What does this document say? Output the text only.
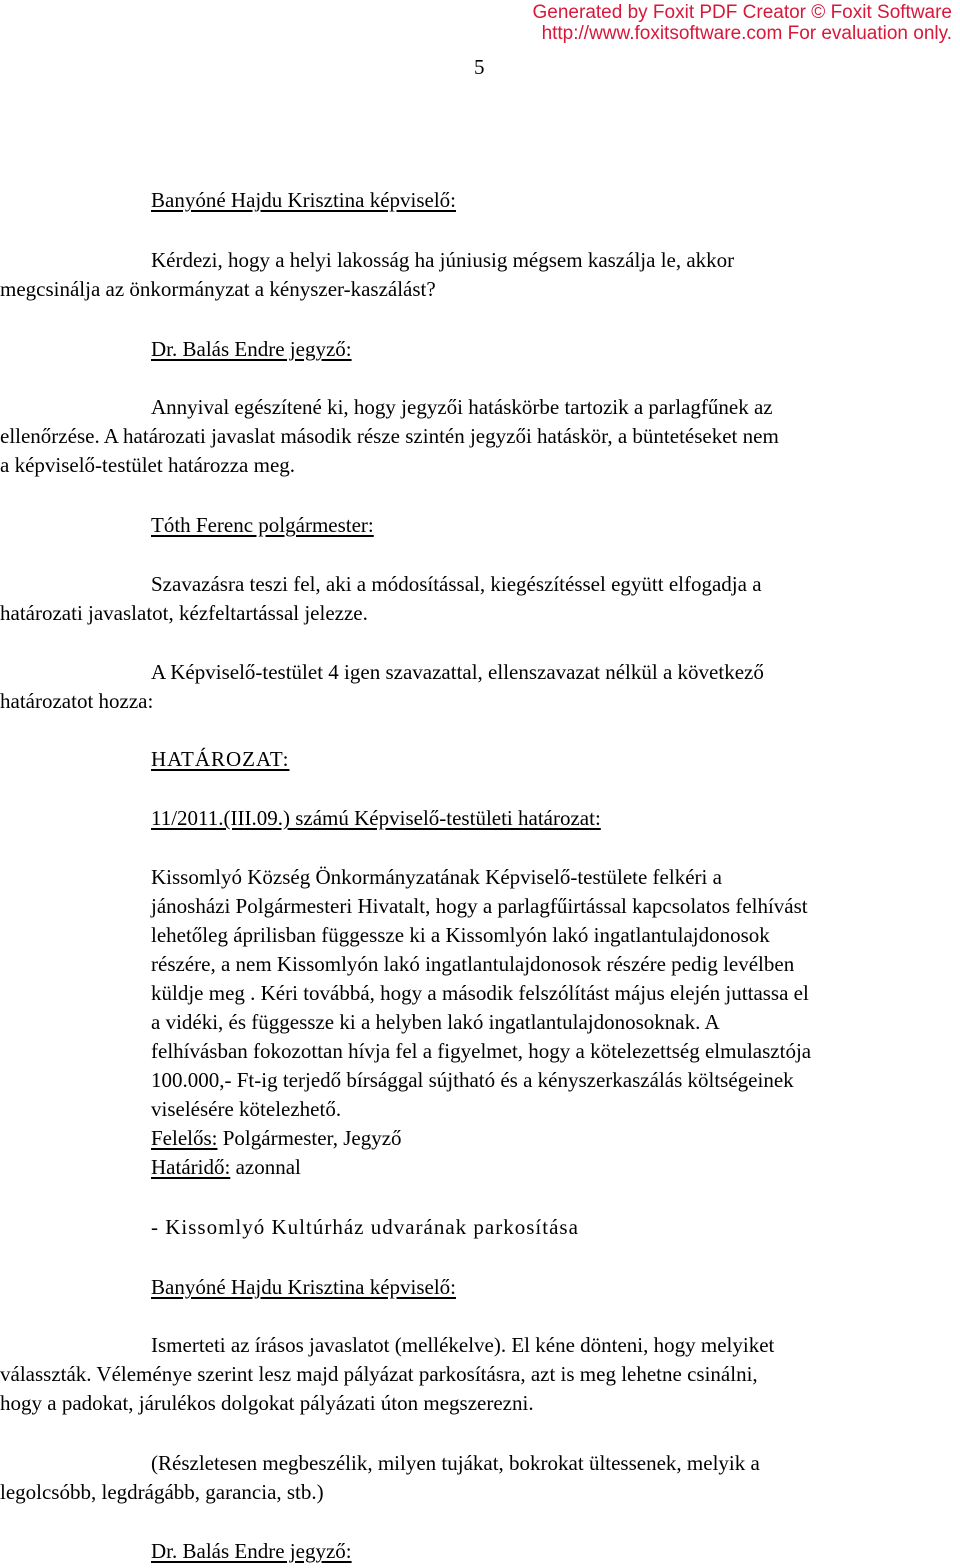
Generated by Foxit PDF Creator © Foxit Software
http://www.foxitsoftware.com For evaluation only.
5
Banyóné Hajdu Krisztina képviselő:
Kérdezi, hogy a helyi lakosság ha júniusig mégsem kaszálja le, akkor
megcsinálja az önkormányzat a kényszer-kaszálást?
Dr. Balás Endre jegyző:
Annyival egészítené ki, hogy jegyzői hatáskörbe tartozik a parlagfűnek az
ellenőrzése. A határozati javaslat második része szintén jegyzői hatáskör, a büntetéseket nem
a képviselő-testület határozza meg.
Tóth Ferenc polgármester:
Szavazásra teszi fel, aki a módosítással, kiegészítéssel együtt elfogadja a
határozati javaslatot, kézfeltartással jelezze.
A Képviselő-testület 4 igen szavazattal, ellenszavazat nélkül a következő
határozatot hozza:
HATÁROZAT:
11/2011.(III.09.) számú Képviselő-testületi határozat:
Kissomlyó Község Önkormányzatának Képviselő-testülete felkéri a
jánosházi Polgármesteri Hivatalt, hogy a parlagfűirtással kapcsolatos felhívást
lehetőleg áprilisban függessze ki a Kissomlyón lakó ingatlantulajdonosok
részére, a nem Kissomlyón lakó ingatlantulajdonosok részére pedig levélben
küldje meg . Kéri továbbá, hogy a második felszólítást május elején juttassa el
a vidéki, és függessze ki a helyben lakó ingatlantulajdonosoknak. A
felhívásban fokozottan hívja fel a figyelmet, hogy a kötelezettség elmulasztója
100.000,- Ft-ig terjedő bírsággal sújtható és a kényszerkaszálás költségeinek
viselésére kötelezhető.
Felelős: Polgármester, Jegyző
Határidő: azonnal
- Kissomlyó Kultúrház udvarának parkosítása
Banyóné Hajdu Krisztina képviselő:
Ismerteti az írásos javaslatot (mellékelve). El kéne dönteni, hogy melyiket
válasszták. Véleménye szerint lesz majd pályázat parkosításra, azt is meg lehetne csinálni,
hogy a padokat, járulékos dolgokat pályázati úton megszerezni.
(Részletesen megbeszélik, milyen tujákat, bokrokat ültessenek, melyik a
legolcsóbb, legdrágább, garancia, stb.)
Dr. Balás Endre jegyző:
